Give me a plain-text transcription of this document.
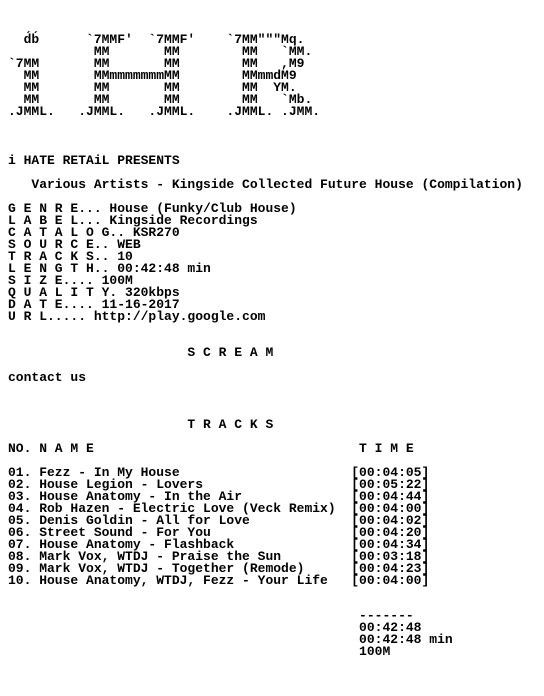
d́b́      `7MMF'  `7MMF'    `7MM"""Mq.
MM       MM        MM   `MM.
`7MM       MM       MM        MM   ,M9
MM       MMmmmmmmmMM        MMmmdM9
MM       MM       MM        MM  YM.
MM       MM       MM        MM   `Mb.
.JMML.   .JMML.   .JMML.    .JMML. .JMM.
i HATE RETAiL PRESENTS
Various Artists - Kingside Collected Future House (Compilation)
G E N R E... House (Funky/Club House)
L A B E L... Kingside Recordings
C A T A L O G.. KSR270
S O U R C E.. WEB
T R A C K S.. 10
L E N G T H.. 00:42:48 min
S I Z E.... 100M
Q U A L I T Y. 320kbps
D A T E.... 11-16-2017
U R L..... http://play.google.com
S C R E A M
contact us
T R A C K S
NO. N A M E                                  T I M E
01. Fezz - In My House                      [00:04:05]
02. House Legion - Lovers                   [00:05:22]
03. House Anatomy - In the Air              [00:04:44]
04. Rob Hazen - Electric Love (Veck Remix)  [00:04:00]
05. Denis Goldin - All for Love             [00:04:02]
06. Street Sound - For You                  [00:04:20]
07. House Anatomy - Flashback               [00:04:34]
08. Mark Vox, WTDJ - Praise the Sun         [00:03:18]
09. Mark Vox, WTDJ - Together (Remode)      [00:04:23]
10. House Anatomy, WTDJ, Fezz - Your Life   [00:04:00]
-------
00:42:48
00:42:48 min
100M
